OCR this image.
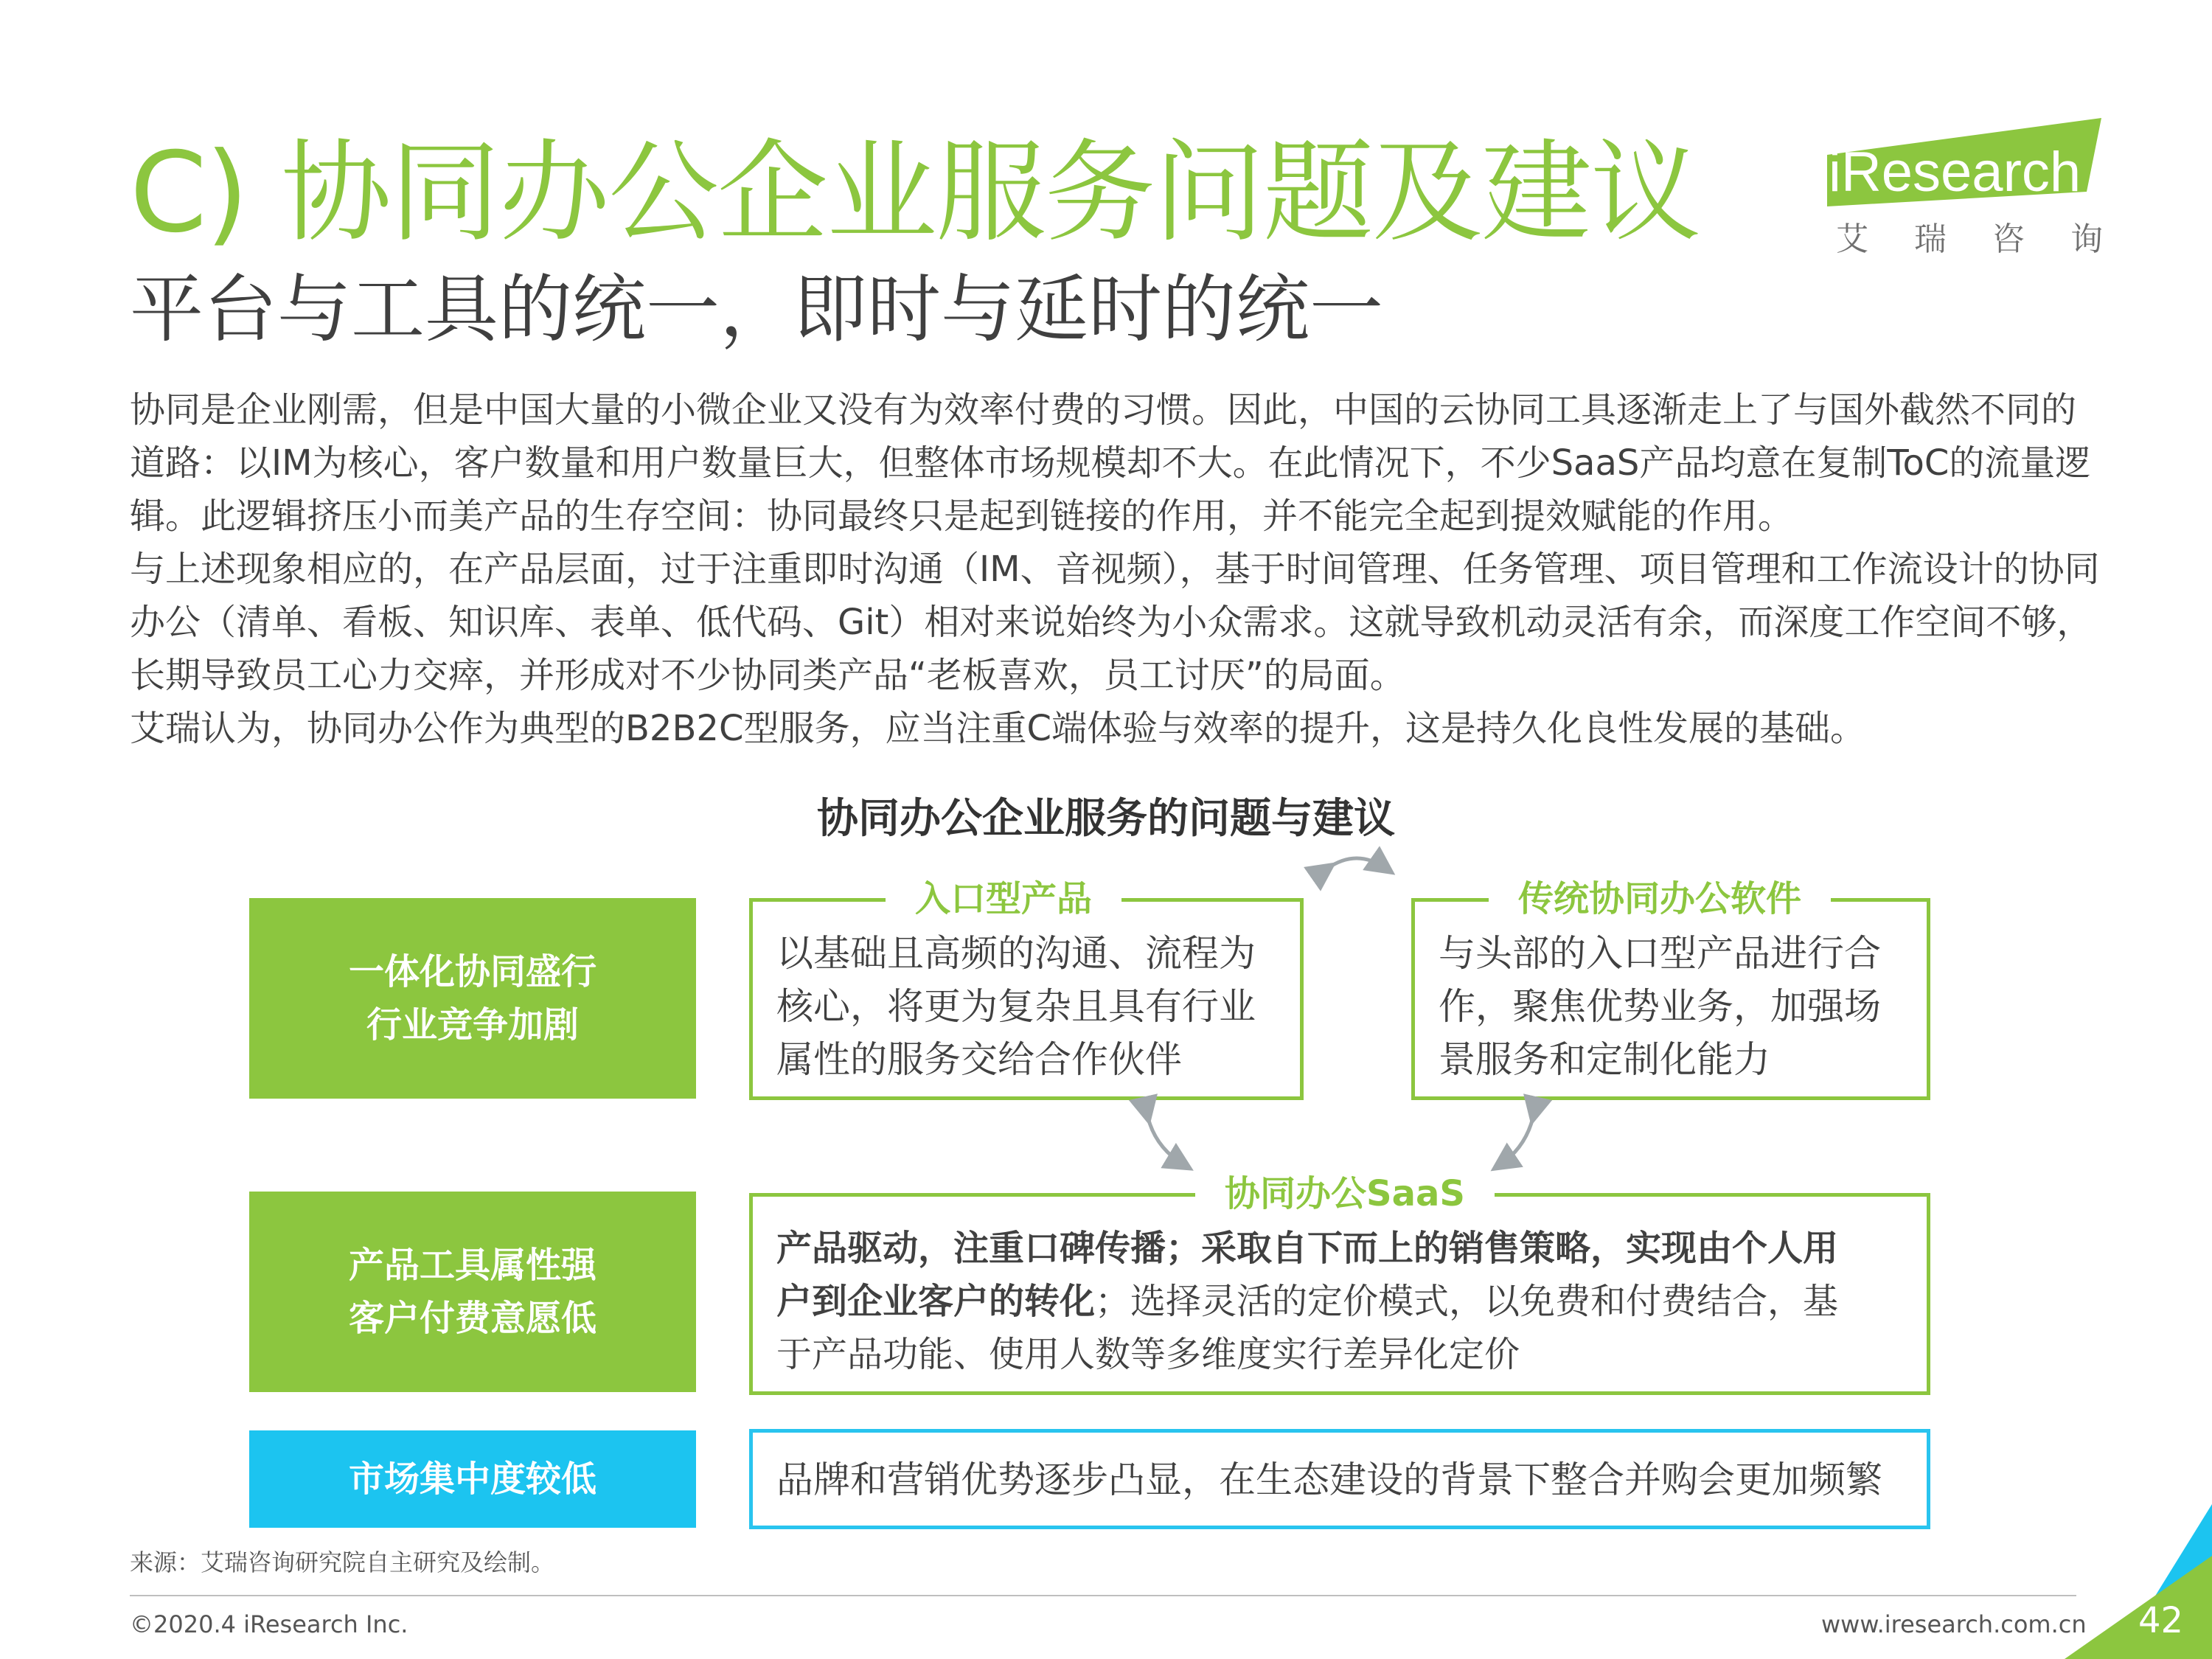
C) 协同办公企业服务问题及建议
平台与工具的统一，即时与延时的统一
iResearch
艾瑞咨询

协同是企业刚需，但是中国大量的小微企业又没有为效率付费的习惯。因此，中国的云协同工具逐渐走上了与国外截然不同的道路：以IM为核心，客户数量和用户数量巨大，但整体市场规模却不大。在此情况下，不少SaaS产品均意在复制ToC的流量逻辑。此逻辑挤压小而美产品的生存空间：协同最终只是起到链接的作用，并不能完全起到提效赋能的作用。

与上述现象相应的，在产品层面，过于注重即时沟通（IM、音视频），基于时间管理、任务管理、项目管理和工作流设计的协同办公（清单、看板、知识库、表单、低代码、Git）相对来说始终为小众需求。这就导致机动灵活有余，而深度工作空间不够，长期导致员工心力交瘁，并形成对不少协同类产品“老板喜欢，员工讨厌”的局面。

艾瑞认为，协同办公作为典型的B2B2C型服务，应当注重C端体验与效率的提升，这是持久化良性发展的基础。

协同办公企业服务的问题与建议
一体化协同盛行
行业竞争加剧
产品工具属性强
客户付费意愿低
市场集中度较低
入口型产品
以基础且高频的沟通、流程为
核心，将更为复杂且具有行业
属性的服务交给合作伙伴
传统协同办公软件
与头部的入口型产品进行合
作，聚焦优势业务，加强场
景服务和定制化能力
协同办公SaaS
产品驱动，注重口碑传播；采取自下而上的销售策略，实现由个人用
户到企业客户的转化；选择灵活的定价模式，以免费和付费结合，基
于产品功能、使用人数等多维度实行差异化定价
品牌和营销优势逐步凸显，在生态建设的背景下整合并购会更加频繁
来源：艾瑞咨询研究院自主研究及绘制。
©2020.4 iResearch Inc.	www.iresearch.com.cn 42
